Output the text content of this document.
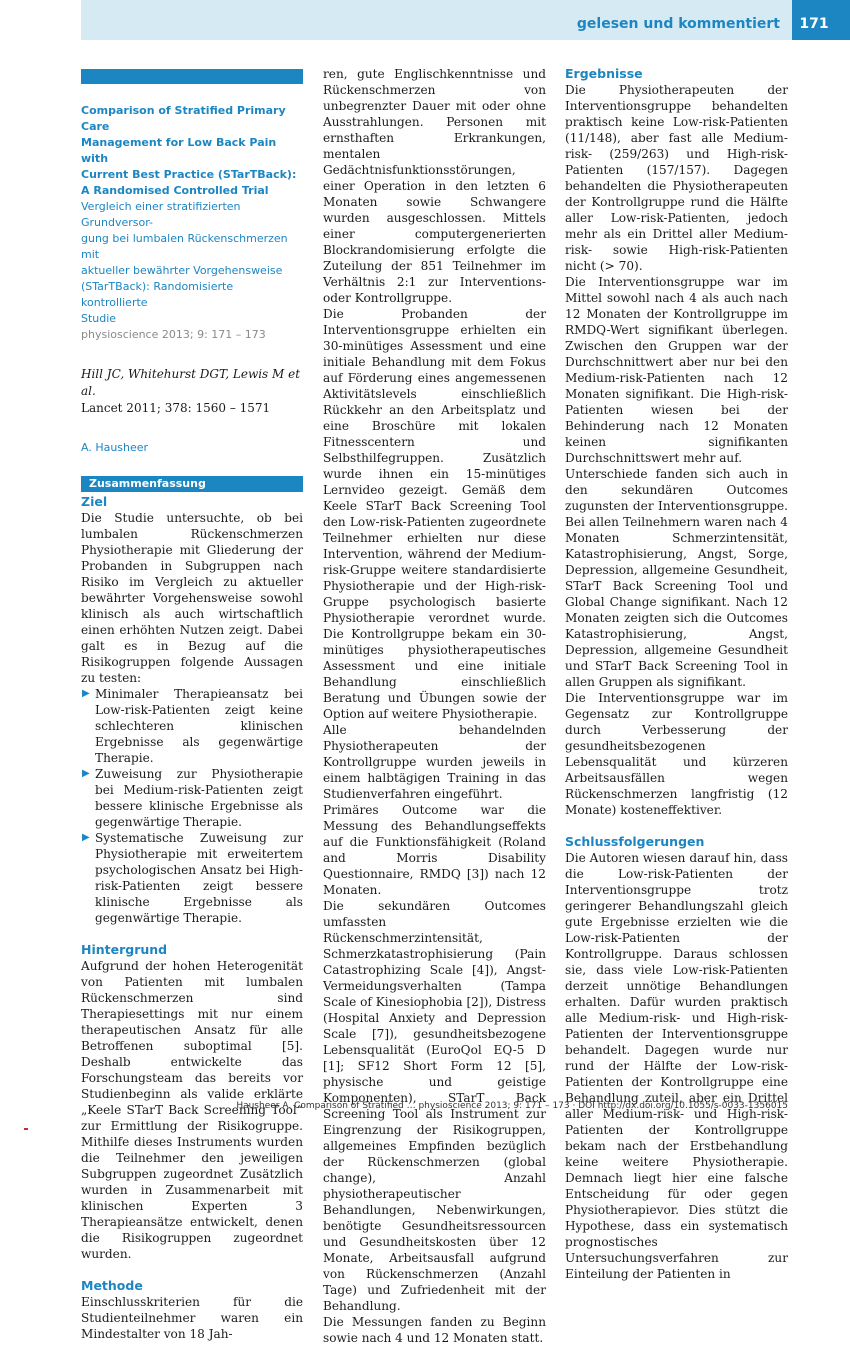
gelesen und kommentiert	171
Comparison of Stratified Primary Care
Management for Low Back Pain with
Current Best Practice (STarTBack):
A Randomised Controlled Trial
Vergleich einer stratifizierten Grundversor-
gung bei lumbalen Rückenschmerzen mit
aktueller bewährter Vorgehensweise
(STarTBack): Randomisierte kontrollierte
Studie
physioscience 2013; 9: 171 – 173
Hill JC, Whitehurst DGT, Lewis M et al.
Lancet 2011; 378: 1560 – 1571
A. Hausheer
Zusammenfassung
Ziel

Die Studie untersuchte, ob bei lumbalen Rückenschmerzen Physiotherapie mit Gliederung der Probanden in Subgruppen nach Risiko im Vergleich zu aktueller bewährter Vorgehensweise sowohl klinisch als auch wirtschaftlich einen erhöhten Nutzen zeigt. Dabei galt es in Bezug auf die Risikogruppen folgende Aussagen zu testen:

▶ Minimaler Therapieansatz bei Low-risk-Patienten zeigt keine schlechteren klinischen Ergebnisse als gegenwärtige Therapie.
▶ Zuweisung zur Physiotherapie bei Medium-risk-Patienten zeigt bessere klinische Ergebnisse als gegenwärtige Therapie.
▶ Systematische Zuweisung zur Physiotherapie mit erweitertem psychologischen Ansatz bei High-risk-Patienten zeigt bessere klinische Ergebnisse als gegenwärtige Therapie.
Hintergrund

Aufgrund der hohen Heterogenität von Patienten mit lumbalen Rückenschmerzen sind Therapiesettings mit nur einem therapeutischen Ansatz für alle Betroffenen suboptimal [5]. Deshalb entwickelte das Forschungsteam das bereits vor Studienbeginn als valide erklärte „Keele STarT Back Screening Tool“ zur Ermittlung der Risikogruppe. Mithilfe dieses Instruments wurden die Teilnehmer den jeweiligen Subgruppen zugeordnet Zusätzlich wurden in Zusammenarbeit mit klinischen Experten 3 Therapieansätze entwickelt, denen die Risikogruppen zugeordnet wurden.

Methode

Einschlusskriterien für die Studienteilnehmer waren ein Mindestalter von 18 Jah-

ren, gute Englischkenntnisse und Rückenschmerzen von unbegrenzter Dauer mit oder ohne Ausstrahlungen. Personen mit ernsthaften Erkrankungen, mentalen Gedächtnisfunktionsstörungen, einer Operation in den letzten 6 Monaten sowie Schwangere wurden ausgeschlossen. Mittels einer computergenerierten Blockrandomisierung erfolgte die Zuteilung der 851 Teilnehmer im Verhältnis 2:1 zur Interventions- oder Kontrollgruppe.

Die Probanden der Interventionsgruppe erhielten ein 30-minütiges Assessment und eine initiale Behandlung mit dem Fokus auf Förderung eines angemessenen Aktivitätslevels einschließlich Rückkehr an den Arbeitsplatz und eine Broschüre mit lokalen Fitnesscentern und Selbsthilfegruppen. Zusätzlich wurde ihnen ein 15-minütiges Lernvideo gezeigt. Gemäß dem Keele STarT Back Screening Tool den Low-risk-Patienten zugeordnete Teilnehmer erhielten nur diese Intervention, während der Medium-risk-Gruppe weitere standardisierte Physiotherapie und der High-risk-Gruppe psychologisch basierte Physiotherapie verordnet wurde. Die Kontrollgruppe bekam ein 30-minütiges physiotherapeutisches Assessment und eine initiale Behandlung einschließlich Beratung und Übungen sowie der Option auf weitere Physiotherapie.

Alle behandelnden Physiotherapeuten der Kontrollgruppe wurden jeweils in einem halbtägigen Training in das Studienverfahren eingeführt.

Primäres Outcome war die Messung des Behandlungseffekts auf die Funktionsfähigkeit (Roland and Morris Disability Questionnaire, RMDQ [3]) nach 12 Monaten.

Die sekundären Outcomes umfassten Rückenschmerzintensität, Schmerzkatastrophisierung (Pain Catastrophizing Scale [4]), Angst-Vermeidungsverhalten (Tampa Scale of Kinesiophobia [2]), Distress (Hospital Anxiety and Depression Scale [7]), gesundheitsbezogene Lebensqualität (EuroQol EQ-5 D [1]; SF12 Short Form 12 [5], physische und geistige Komponenten), STarT Back Screening Tool als Instrument zur Eingrenzung der Risikogruppen, allgemeines Empfinden bezüglich der Rückenschmerzen (global change), Anzahl physiotherapeutischer Behandlungen, Nebenwirkungen, benötigte Gesundheitsressourcen und Gesundheitskosten über 12 Monate, Arbeitsausfall aufgrund von Rückenschmerzen (Anzahl Tage) und Zufriedenheit mit der Behandlung.

Die Messungen fanden zu Beginn sowie nach 4 und 12 Monaten statt.

Ergebnisse

Die Physiotherapeuten der Interventionsgruppe behandelten praktisch keine Low-risk-Patienten (11/148), aber fast alle Medium-risk- (259/263) und High-risk-Patienten (157/157). Dagegen behandelten die Physiotherapeuten der Kontrollgruppe rund die Hälfte aller Low-risk-Patienten, jedoch mehr als ein Drittel aller Medium-risk- sowie High-risk-Patienten nicht (> 70).

Die Interventionsgruppe war im Mittel sowohl nach 4 als auch nach 12 Monaten der Kontrollgruppe im RMDQ-Wert signifikant überlegen. Zwischen den Gruppen war der Durchschnittwert aber nur bei den Medium-risk-Patienten nach 12 Monaten signifikant. Die High-risk-Patienten wiesen bei der Behinderung nach 12 Monaten keinen signifikanten Durchschnittswert mehr auf.

Unterschiede fanden sich auch in den sekundären Outcomes zugunsten der Interventionsgruppe. Bei allen Teilnehmern waren nach 4 Monaten Schmerzintensität, Katastrophisierung, Angst, Sorge, Depression, allgemeine Gesundheit, STarT Back Screening Tool und Global Change signifikant. Nach 12 Monaten zeigten sich die Outcomes Katastrophisierung, Angst, Depression, allgemeine Gesundheit und STarT Back Screening Tool in allen Gruppen als signifikant.

Die Interventionsgruppe war im Gegensatz zur Kontrollgruppe durch Verbesserung der gesundheitsbezogenen Lebensqualität und kürzeren Arbeitsausfällen wegen Rückenschmerzen langfristig (12 Monate) kosteneffektiver.

Schlussfolgerungen

Die Autoren wiesen darauf hin, dass die Low-risk-Patienten der Interventionsgruppe trotz geringerer Behandlungszahl gleich gute Ergebnisse erzielten wie die Low-risk-Patienten der Kontrollgruppe. Daraus schlossen sie, dass viele Low-risk-Patienten derzeit unnötige Behandlungen erhalten. Dafür wurden praktisch alle Medium-risk- und High-risk-Patienten der Interventionsgruppe behandelt. Dagegen wurde nur rund der Hälfte der Low-risk-Patienten der Kontrollgruppe eine Behandlung zuteil, aber ein Drittel aller Medium-risk- und High-risk-Patienten der Kontrollgruppe bekam nach der Erstbehandlung keine weitere Physiotherapie. Demnach liegt hier eine falsche Entscheidung für oder gegen Physiotherapievor. Dies stützt die Hypothese, dass ein systematisch prognostisches Untersuchungsverfahren zur Einteilung der Patienten in

Hausheer A. Comparison of Stratified … physioscience 2013; 9: 171 – 173 · DOI http://dx.doi.org/10.1055/s-0033-1356015
